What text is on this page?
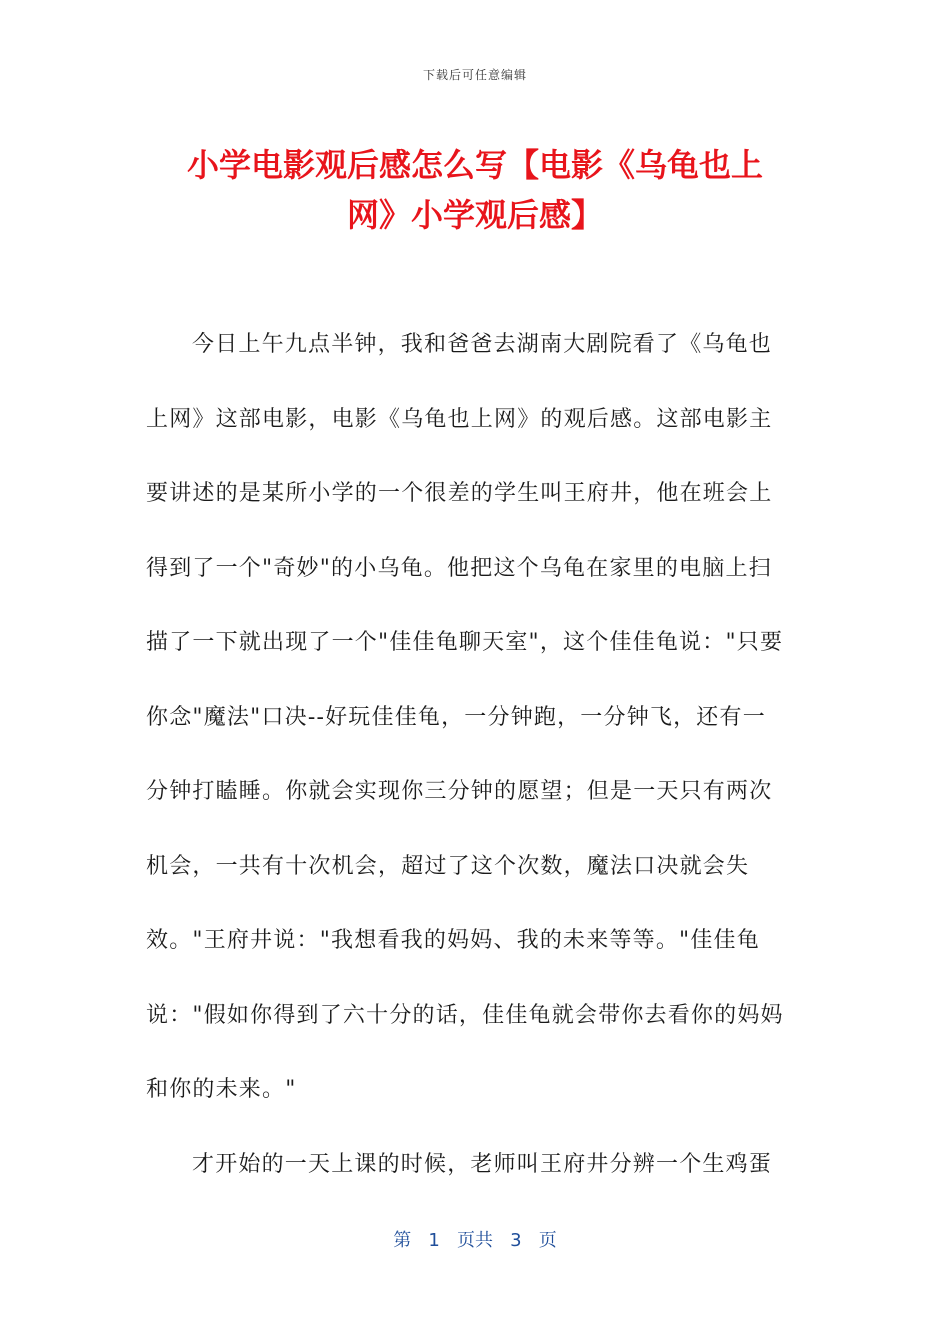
下载后可任意编辑
小学电影观后感怎么写【电影《乌龟也上
网》小学观后感】
今日上午九点半钟，我和爸爸去湖南大剧院看了《乌龟也
上网》这部电影，电影《乌龟也上网》的观后感。这部电影主
要讲述的是某所小学的一个很差的学生叫王府井，他在班会上
得到了一个"奇妙"的小乌龟。他把这个乌龟在家里的电脑上扫
描了一下就出现了一个"佳佳龟聊天室"，这个佳佳龟说："只要
你念"魔法"口决--好玩佳佳龟，一分钟跑，一分钟飞，还有一
分钟打瞌睡。你就会实现你三分钟的愿望；但是一天只有两次
机会，一共有十次机会，超过了这个次数，魔法口决就会失
效。"王府井说："我想看我的妈妈、我的未来等等。"佳佳龟
说："假如你得到了六十分的话，佳佳龟就会带你去看你的妈妈
和你的未来。"
才开始的一天上课的时候，老师叫王府井分辨一个生鸡蛋
第 1 页共 3 页
